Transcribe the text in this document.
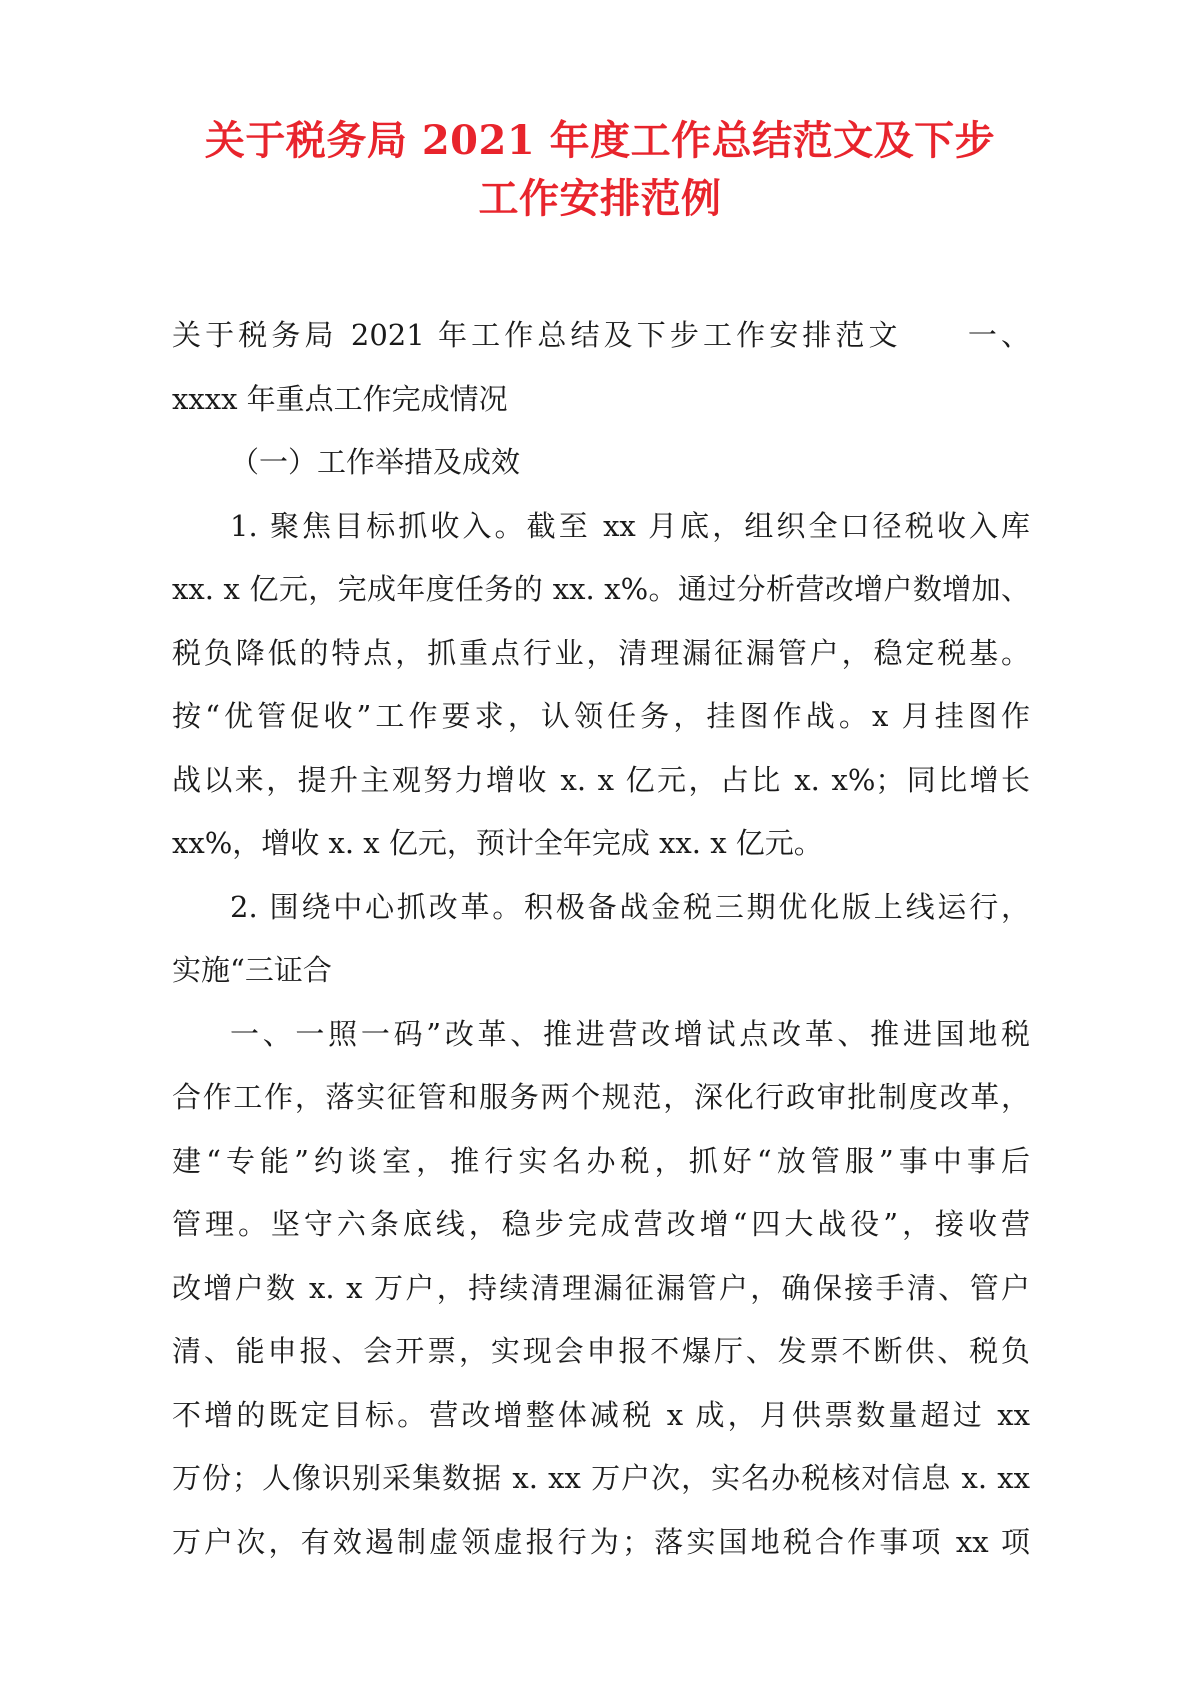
关于税务局 2021 年度工作总结范文及下步
工作安排范例
关于税务局 2021 年工作总结及下步工作安排范文　　一、
xxxx 年重点工作完成情况
（一）工作举措及成效
1. 聚焦目标抓收入。截至 xx 月底，组织全口径税收入库
xx. x 亿元，完成年度任务的 xx. x%。通过分析营改增户数增加、
税负降低的特点，抓重点行业，清理漏征漏管户，稳定税基。
按“优管促收”工作要求，认领任务，挂图作战。x 月挂图作
战以来，提升主观努力增收 x. x 亿元，占比 x. x%；同比增长
xx%，增收 x. x 亿元，预计全年完成 xx. x 亿元。
2. 围绕中心抓改革。积极备战金税三期优化版上线运行，
实施“三证合
一、一照一码”改革、推进营改增试点改革、推进国地税
合作工作，落实征管和服务两个规范，深化行政审批制度改革，
建“专能”约谈室，推行实名办税，抓好“放管服”事中事后
管理。坚守六条底线，稳步完成营改增“四大战役”，接收营
改增户数 x. x 万户，持续清理漏征漏管户，确保接手清、管户
清、能申报、会开票，实现会申报不爆厅、发票不断供、税负
不增的既定目标。营改增整体减税 x 成，月供票数量超过 xx
万份；人像识别采集数据 x. xx 万户次，实名办税核对信息 x. xx
万户次，有效遏制虚领虚报行为；落实国地税合作事项 xx 项
